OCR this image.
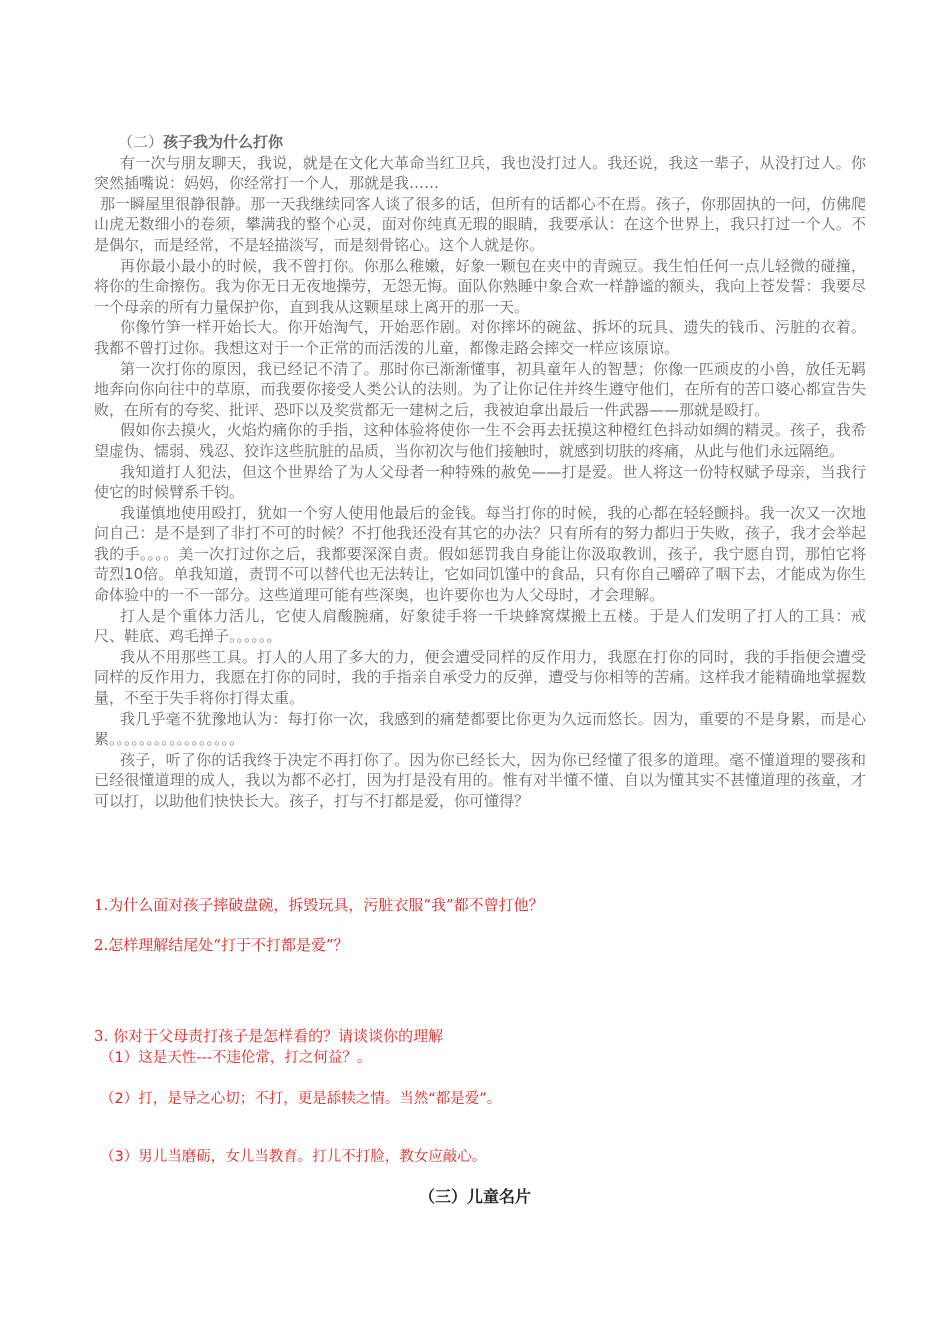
（二）孩子我为什么打你

有一次与朋友聊天，我说，就是在文化大革命当红卫兵，我也没打过人。我还说，我这一辈子，从没打过人。你突然插嘴说：妈妈，你经常打一个人，那就是我……

那一瞬屋里很静很静。那一天我继续同客人谈了很多的话，但所有的话都心不在焉。孩子，你那固执的一问，仿佛爬山虎无数细小的卷须，攀满我的整个心灵，面对你纯真无瑕的眼睛，我要承认：在这个世界上，我只打过一个人。不是偶尔，而是经常，不是轻描淡写，而是刻骨铭心。这个人就是你。

再你最小最小的时候，我不曾打你。你那么稚嫩，好象一颗包在夹中的青豌豆。我生怕任何一点儿轻微的碰撞，将你的生命擦伤。我为你无日无夜地操劳，无怨无悔。面队你熟睡中象合欢一样静谧的额头，我向上苍发誓：我要尽一个母亲的所有力量保护你，直到我从这颗星球上离开的那一天。

你像竹笋一样开始长大。你开始淘气，开始恶作剧。对你摔坏的碗盆、拆坏的玩具、遗失的钱币、污脏的衣着。我都不曾打过你。我想这对于一个正常的而活泼的儿童，都像走路会摔交一样应该原谅。

第一次打你的原因，我已经记不清了。那时你已渐渐懂事，初具童年人的智慧；你像一匹顽皮的小兽，放任无羁地奔向你向往中的草原，而我要你接受人类公认的法则。为了让你记住并终生遵守他们，在所有的苦口婆心都宣告失败，在所有的夸奖、批评、恐吓以及奖赏都无一建树之后，我被迫拿出最后一件武器——那就是殴打。

假如你去摸火，火焰灼痛你的手指，这种体验将使你一生不会再去抚摸这种橙红色抖动如绸的精灵。孩子，我希望虚伪、懦弱、残忍、狡诈这些肮脏的品质，当你初次与他们接触时，就感到切肤的疼痛，从此与他们永远隔绝。

我知道打人犯法，但这个世界给了为人父母者一种特殊的赦免——打是爱。世人将这一份特权赋予母亲，当我行使它的时候臂系千钧。

我谨慎地使用殴打，犹如一个穷人使用他最后的金钱。每当打你的时候，我的心都在轻轻颤抖。我一次又一次地问自己：是不是到了非打不可的时候？不打他我还没有其它的办法？只有所有的努力都归于失败，孩子，我才会举起我的手。。。。美一次打过你之后，我都要深深自责。假如惩罚我自身能让你汲取教训，孩子，我宁愿自罚，那怕它将苛烈10倍。单我知道，责罚不可以替代也无法转让，它如同饥馑中的食品，只有你自己嚼碎了咽下去，才能成为你生命体验中的一不一部分。这些道理可能有些深奥，也许要你也为人父母时，才会理解。

打人是个重体力活儿，它使人肩酸腕痛，好象徒手将一千块蜂窝煤搬上五楼。于是人们发明了打人的工具：戒尺、鞋底、鸡毛掸子。。。。。。

我从不用那些工具。打人的人用了多大的力，便会遭受同样的反作用力，我愿在打你的同时，我的手指便会遭受同样的反作用力，我愿在打你的同时，我的手指亲自承受力的反弹，遭受与你相等的苦痛。这样我才能精确地掌握数量，不至于失手将你打得太重。

我几乎毫不犹豫地认为：每打你一次，我感到的痛楚都要比你更为久远而悠长。因为，重要的不是身累，而是心累。。。。。。。。。。。。。。。。。

孩子，听了你的话我终于决定不再打你了。因为你已经长大，因为你已经懂了很多的道理。毫不懂道理的婴孩和已经很懂道理的成人，我以为都不必打，因为打是没有用的。惟有对半懂不懂、自以为懂其实不甚懂道理的孩童，才可以打，以助他们快快长大。孩子，打与不打都是爱，你可懂得？

1.为什么面对孩子摔破盘碗，拆毁玩具，污脏衣服“我”都不曾打他？
2.怎样理解结尾处“打于不打都是爱”？
3. 你对于父母责打孩子是怎样看的？请谈谈你的理解
（1）这是天性---不违伦常，打之何益？。
（2）打，是导之心切；不打，更是舔犊之情。当然“都是爱”。
（3）男儿当磨砺，女儿当教育。打儿不打脸，教女应敲心。
（三）儿童名片
